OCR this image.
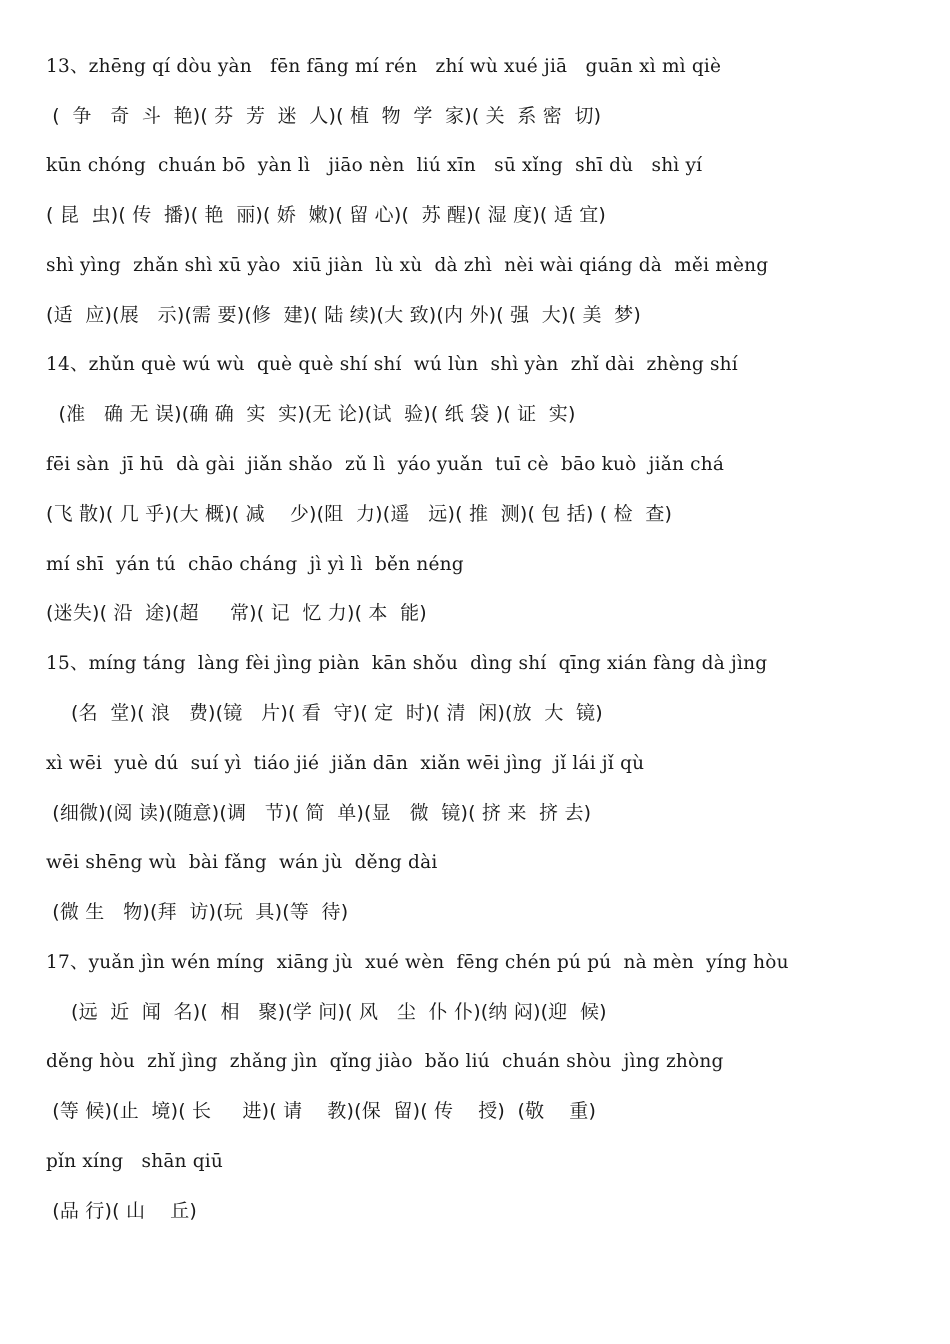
13、zhēng qí dòu yàn   fēn fāng mí rén   zhí wù xué jiā   guān xì mì qiè
(  争   奇  斗  艳)( 芬  芳  迷  人)( 植  物  学  家)( 关  系 密  切)
kūn chóng  chuán bō  yàn lì   jiāo nèn  liú xīn   sū xǐng  shī dù   shì yí
( 昆  虫)( 传  播)( 艳  丽)( 娇  嫩)( 留 心)(  苏 醒)( 湿 度)( 适 宜)
shì yìng  zhǎn shì xū yào  xiū jiàn  lù xù  dà zhì  nèi wài qiáng dà  měi mèng
(适  应)(展   示)(需 要)(修  建)( 陆 续)(大 致)(内 外)( 强  大)( 美  梦)
14、zhǔn què wú wù  què què shí shí  wú lùn  shì yàn  zhǐ dài  zhèng shí
(准   确 无 误)(确 确  实  实)(无 论)(试  验)( 纸 袋 )( 证  实)
fēi sàn  jī hū  dà gài  jiǎn shǎo  zǔ lì  yáo yuǎn  tuī cè  bāo kuò  jiǎn chá
(飞 散)( 几 乎)(大 概)( 减    少)(阻  力)(遥   远)( 推  测)( 包 括) ( 检  查)
mí shī  yán tú  chāo cháng  jì yì lì  běn néng
(迷失)( 沿  途)(超     常)( 记  忆 力)( 本  能)
15、míng táng  làng fèi jìng piàn  kān shǒu  dìng shí  qīng xián fàng dà jìng
(名  堂)( 浪   费)(镜   片)( 看  守)( 定  时)( 清  闲)(放  大  镜)
xì wēi  yuè dú  suí yì  tiáo jié  jiǎn dān  xiǎn wēi jìng  jǐ lái jǐ qù
(细微)(阅 读)(随意)(调   节)( 简  单)(显   微  镜)( 挤 来  挤 去)
wēi shēng wù  bài fǎng  wán jù  děng dài
(微 生   物)(拜  访)(玩  具)(等  待)
17、yuǎn jìn wén míng  xiāng jù  xué wèn  fēng chén pú pú  nà mèn  yíng hòu
(远  近  闻  名)(  相   聚)(学 问)( 风   尘  仆 仆)(纳 闷)(迎  候)
děng hòu  zhǐ jìng  zhǎng jìn  qǐng jiào  bǎo liú  chuán shòu  jìng zhòng
(等 候)(止  境)( 长     进)( 请    教)(保  留)( 传    授)  (敬    重)
pǐn xíng   shān qiū
(品 行)( 山    丘)
